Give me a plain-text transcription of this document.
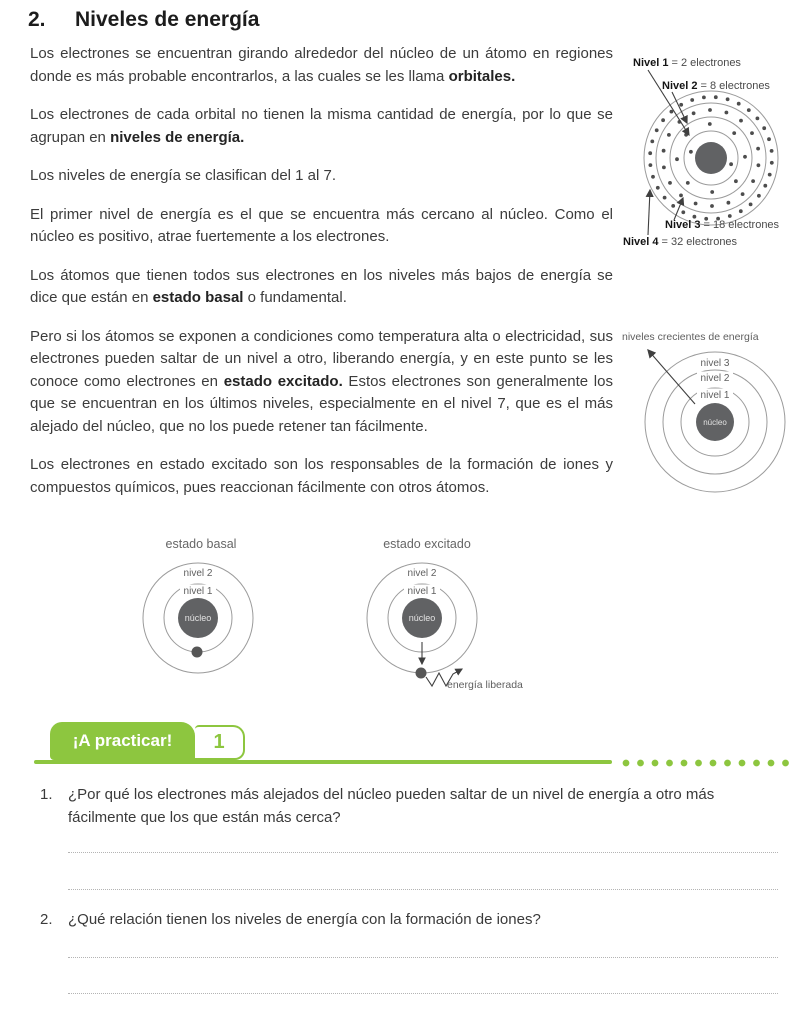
2.	Niveles de energía

Los electrones se encuentran girando alrededor del núcleo de un átomo en regiones donde es más probable encontrarlos, a las cuales se les llama orbitales.

Los electrones de cada orbital no tienen la misma cantidad de energía, por lo que se agrupan en niveles de energía.

Los niveles de energía se clasifican del 1 al 7.

El primer nivel de energía es el que se encuentra más cercano al núcleo. Como el núcleo es positivo, atrae fuertemente a los electrones.

Los átomos que tienen todos sus electrones en los niveles más bajos de energía se dice que están en estado basal o fundamental.

Pero si los átomos se exponen a condiciones como temperatura alta o electricidad, sus electrones pueden saltar de un nivel a otro, liberando energía, y en este punto se les conoce como electrones en estado excitado. Estos electrones son generalmente los que se encuentran en los últimos niveles, especialmente en el nivel 7, que es el más alejado del núcleo, que no los puede retener tan fácilmente.

Los electrones en estado excitado son los responsables de la formación de iones y compuestos químicos, pues reaccionan fácilmente con otros átomos.

Nivel 1 = 2 electrones
Nivel 2 = 8 electrones
Nivel 3 = 18 electrones
Nivel 4 = 32 electrones
núcleo
nivel 3
nivel 2
nivel 1
niveles crecientes de energía
estado basal
núcleo
nivel 2
nivel 1
estado excitado
núcleo
nivel 2
nivel 1
energía liberada
¡A practicar! 1
1.	¿Por qué los electrones más alejados del núcleo pueden saltar de un nivel de energía a otro más fácilmente que los que están más cerca?
2.	¿Qué relación tienen los niveles de energía con la formación de iones?
